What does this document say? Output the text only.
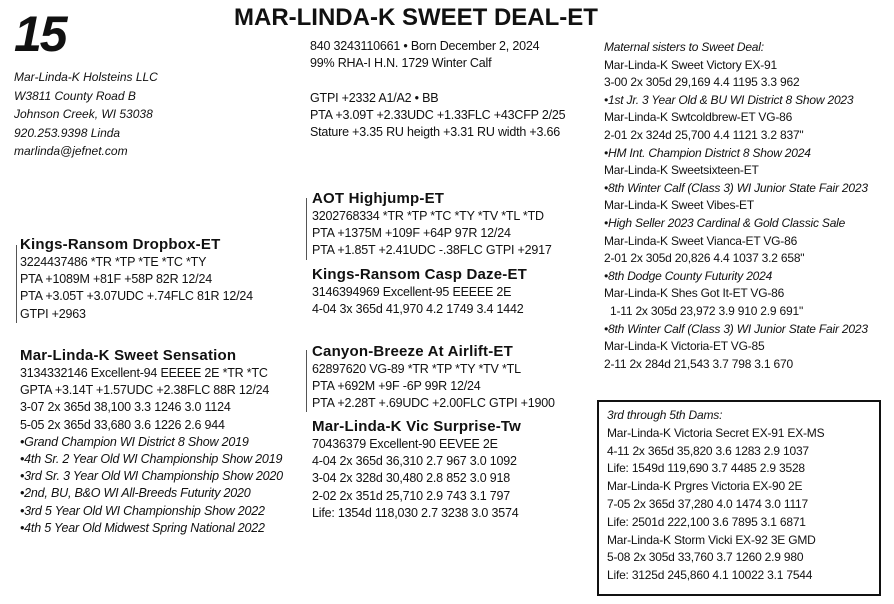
15	MAR-LINDA-K SWEET DEAL-ET
Mar-Linda-K Holsteins LLC
W3811 County Road B
Johnson Creek, WI 53038
920.253.9398 Linda
marlinda@jefnet.com
840 3243110661 • Born December 2, 2024
99% RHA-I H.N. 1729 Winter Calf
GTPI +2332 A1/A2 • BB
PTA +3.09T +2.33UDC +1.33FLC +43CFP 2/25
Stature +3.35 RU heigth +3.31 RU width +3.66
AOT Highjump-ET
3202768334 *TR *TP *TC *TY *TV *TL *TD
PTA +1375M +109F +64P 97R 12/24
PTA +1.85T +2.41UDC -.38FLC GTPI +2917
Kings-Ransom Casp Daze-ET
3146394969 Excellent-95 EEEEE 2E
4-04 3x 365d 41,970 4.2 1749 3.4 1442
Kings-Ransom Dropbox-ET
3224437486 *TR *TP *TE *TC *TY
PTA +1089M +81F +58P 82R 12/24
PTA +3.05T +3.07UDC +.74FLC 81R 12/24
GTPI +2963
Mar-Linda-K Sweet Sensation
3134332146 Excellent-94 EEEEE 2E *TR *TC
GPTA +3.14T +1.57UDC +2.38FLC 88R 12/24
3-07 2x 365d 38,100 3.3 1246 3.0 1124
5-05 2x 365d 33,680 3.6 1226 2.6 944
•Grand Champion WI District 8 Show 2019
•4th Sr. 2 Year Old WI Championship Show 2019
•3rd Sr. 3 Year Old WI Championship Show 2020
•2nd, BU, B&O WI All-Breeds Futurity 2020
•3rd 5 Year Old WI Championship Show 2022
•4th 5 Year Old Midwest Spring National 2022
Canyon-Breeze At Airlift-ET
62897620 VG-89 *TR *TP *TY *TV *TL
PTA +692M +9F -6P 99R 12/24
PTA +2.28T +.69UDC +2.00FLC GTPI +1900
Mar-Linda-K Vic Surprise-Tw
70436379 Excellent-90 EEVEE 2E
4-04 2x 365d 36,310 2.7 967 3.0 1092
3-04 2x 328d 30,480 2.8 852 3.0 918
2-02 2x 351d 25,710 2.9 743 3.1 797
Life: 1354d 118,030 2.7 3238 3.0 3574
Maternal sisters to Sweet Deal:
Mar-Linda-K Sweet Victory EX-91
3-00 2x 305d 29,169 4.4 1195 3.3 962
•1st Jr. 3 Year Old & BU WI District 8 Show 2023
Mar-Linda-K Swtcoldbrew-ET VG-86
2-01 2x 324d 25,700 4.4 1121 3.2 837"
•HM Int. Champion District 8 Show 2024
Mar-Linda-K Sweetsixteen-ET
•8th Winter Calf (Class 3) WI Junior State Fair 2023
Mar-Linda-K Sweet Vibes-ET
•High Seller 2023 Cardinal & Gold Classic Sale
Mar-Linda-K Sweet Vianca-ET VG-86
2-01 2x 305d 20,826 4.4 1037 3.2 658"
•8th Dodge County Futurity 2024
Mar-Linda-K Shes Got It-ET VG-86
1-11 2x 305d 23,972 3.9 910 2.9 691"
•8th Winter Calf (Class 3) WI Junior State Fair 2023
Mar-Linda-K Victoria-ET VG-85
2-11 2x 284d 21,543 3.7 798 3.1 670
3rd through 5th Dams:
Mar-Linda-K Victoria Secret EX-91 EX-MS
4-11 2x 365d 35,820 3.6 1283 2.9 1037
Life: 1549d 119,690 3.7 4485 2.9 3528
Mar-Linda-K Prgres Victoria EX-90 2E
7-05 2x 365d 37,280 4.0 1474 3.0 1117
Life: 2501d 222,100 3.6 7895 3.1 6871
Mar-Linda-K Storm Vicki EX-92 3E GMD
5-08 2x 305d 33,760 3.7 1260 2.9 980
Life: 3125d 245,860 4.1 10022 3.1 7544
